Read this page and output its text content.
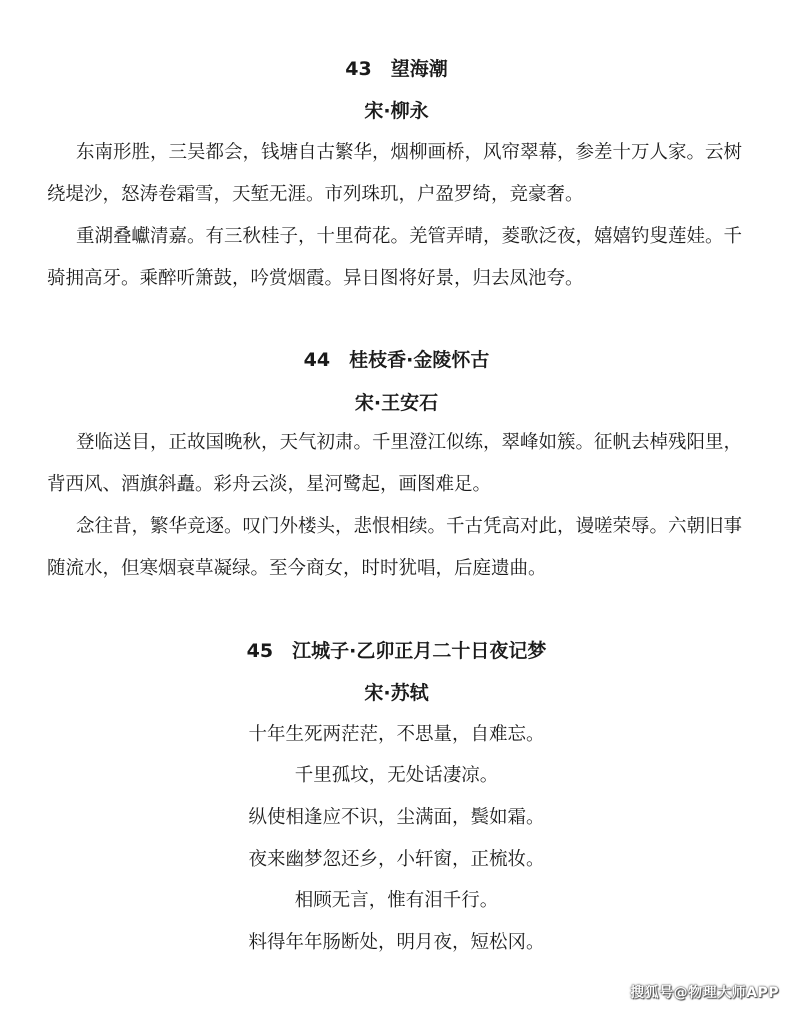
43　望海潮
宋·柳永

东南形胜，三吴都会，钱塘自古繁华，烟柳画桥，风帘翠幕，参差十万人家。云树绕堤沙，怒涛卷霜雪，天堑无涯。市列珠玑，户盈罗绮，竞豪奢。

重湖叠巘清嘉。有三秋桂子，十里荷花。羌管弄晴，菱歌泛夜，嬉嬉钓叟莲娃。千骑拥高牙。乘醉听箫鼓，吟赏烟霞。异日图将好景，归去凤池夸。

44　桂枝香·金陵怀古
宋·王安石

登临送目，正故国晚秋，天气初肃。千里澄江似练，翠峰如簇。征帆去棹残阳里，背西风、酒旗斜矗。彩舟云淡，星河鹭起，画图难足。

念往昔，繁华竞逐。叹门外楼头，悲恨相续。千古凭高对此，谩嗟荣辱。六朝旧事随流水，但寒烟衰草凝绿。至今商女，时时犹唱，后庭遗曲。

45　江城子·乙卯正月二十日夜记梦
宋·苏轼
十年生死两茫茫，不思量，自难忘。
千里孤坟，无处话凄凉。
纵使相逢应不识，尘满面，鬓如霜。
夜来幽梦忽还乡，小轩窗，正梳妆。
相顾无言，惟有泪千行。
料得年年肠断处，明月夜，短松冈。
搜狐号@物理大师APP
